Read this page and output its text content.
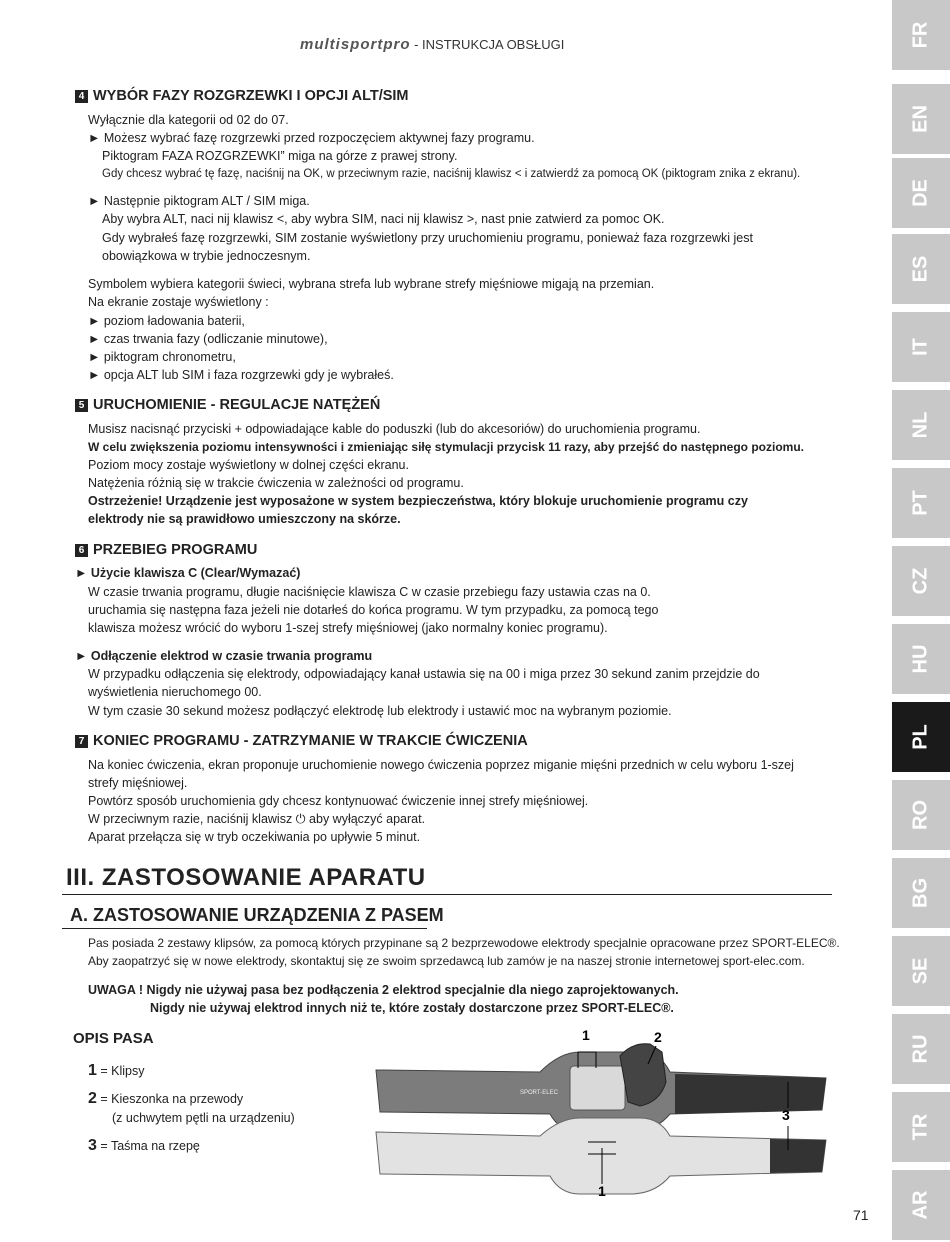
multisportpro - INSTRUKCJA OBSŁUGI	FR
EN
DE
ES
IT
NL
PT
CZ
HU
PL
RO
BG
SE
RU
TR
AR
4 WYBÓR FAZY ROZGRZEWKI I OPCJI ALT/SIM
Wyłącznie dla kategorii od 02 do 07.
► Możesz wybrać fazę rozgrzewki przed rozpoczęciem aktywnej fazy programu.
Piktogram FAZA ROZGRZEWKI” miga na górze z prawej strony.
Gdy chcesz wybrać tę fazę, naciśnij na OK, w przeciwnym razie, naciśnij klawisz < i zatwierdź za pomocą OK (piktogram znika z ekranu).
► Następnie piktogram ALT / SIM miga.
Aby wybra ALT, naci nij klawisz <, aby wybra SIM, naci nij klawisz >, nast pnie zatwierd za pomoc OK.
Gdy wybrałeś fazę rozgrzewki, SIM zostanie wyświetlony przy uruchomieniu programu, ponieważ faza rozgrzewki jest
obowiązkowa w trybie jednoczesnym.
Symbolem wybiera kategorii świeci, wybrana strefa lub wybrane strefy mięśniowe migają na przemian.
Na ekranie zostaje wyświetlony :
► poziom ładowania baterii,
► czas trwania fazy (odliczanie minutowe),
► piktogram chronometru,
► opcja ALT lub SIM i faza rozgrzewki gdy je wybrałeś.
5 URUCHOMIENIE - REGULACJE NATĘŻEŃ
Musisz nacisnąć przyciski + odpowiadające kable do poduszki (lub do akcesoriów) do uruchomienia programu.
W celu zwiększenia poziomu intensywności i zmieniając siłę stymulacji przycisk 11 razy, aby przejść do następnego poziomu.
Poziom mocy zostaje wyświetlony w dolnej części ekranu.
Natężenia różnią się w trakcie ćwiczenia w zależności od programu.
Ostrzeżenie! Urządzenie jest wyposażone w system bezpieczeństwa, który blokuje uruchomienie programu czy
elektrody nie są prawidłowo umieszczony na skórze.
6 PRZEBIEG PROGRAMU
► Użycie klawisza C (Clear/Wymazać)
W czasie trwania programu, długie naciśnięcie klawisza C w czasie przebiegu fazy ustawia czas na 0.
uruchamia się następna faza jeżeli nie dotarłeś do końca programu. W tym przypadku, za pomocą tego
klawisza możesz wrócić do wyboru 1-szej strefy mięśniowej (jako normalny koniec programu).
► Odłączenie elektrod w czasie trwania programu
W przypadku odłączenia się elektrody, odpowiadający kanał ustawia się na 00 i miga przez 30 sekund zanim przejdzie do
wyświetlenia nieruchomego 00.
W tym czasie 30 sekund możesz podłączyć elektrodę lub elektrody i ustawić moc na wybranym poziomie.
7 KONIEC PROGRAMU - ZATRZYMANIE W TRAKCIE ĆWICZENIA
Na koniec ćwiczenia, ekran proponuje uruchomienie nowego ćwiczenia poprzez miganie mięśni przednich w celu wyboru 1-szej
strefy mięśniowej.
Powtórz sposób uruchomienia gdy chcesz kontynuować ćwiczenie innej strefy mięśniowej.
W przeciwnym razie, naciśnij klawisz ⏻ aby wyłączyć aparat.
Aparat przełącza się w tryb oczekiwania po upływie 5 minut.
III. ZASTOSOWANIE APARATU
A. ZASTOSOWANIE URZĄDZENIA Z PASEM
Pas posiada 2 zestawy klipsów, za pomocą których przypinane są 2 bezprzewodowe elektrody specjalnie opracowane przez SPORT-ELEC®.
Aby zaopatrzyć się w nowe elektrody, skontaktuj się ze swoim sprzedawcą lub zamów je na naszej stronie internetowej sport-elec.com.
UWAGA ! Nigdy nie używaj pasa bez podłączenia 2 elektrod specjalnie dla niego zaprojektowanych.
Nigdy nie używaj elektrod innych niż te, które zostały dostarczone przez SPORT-ELEC®.
OPIS PASA
1 = Klipsy
2 = Kieszonka na przewody
(z uchwytem pętli na urządzeniu)
3 = Taśma na rzepę
SPORT-ELEC
1	2
3
1
71
